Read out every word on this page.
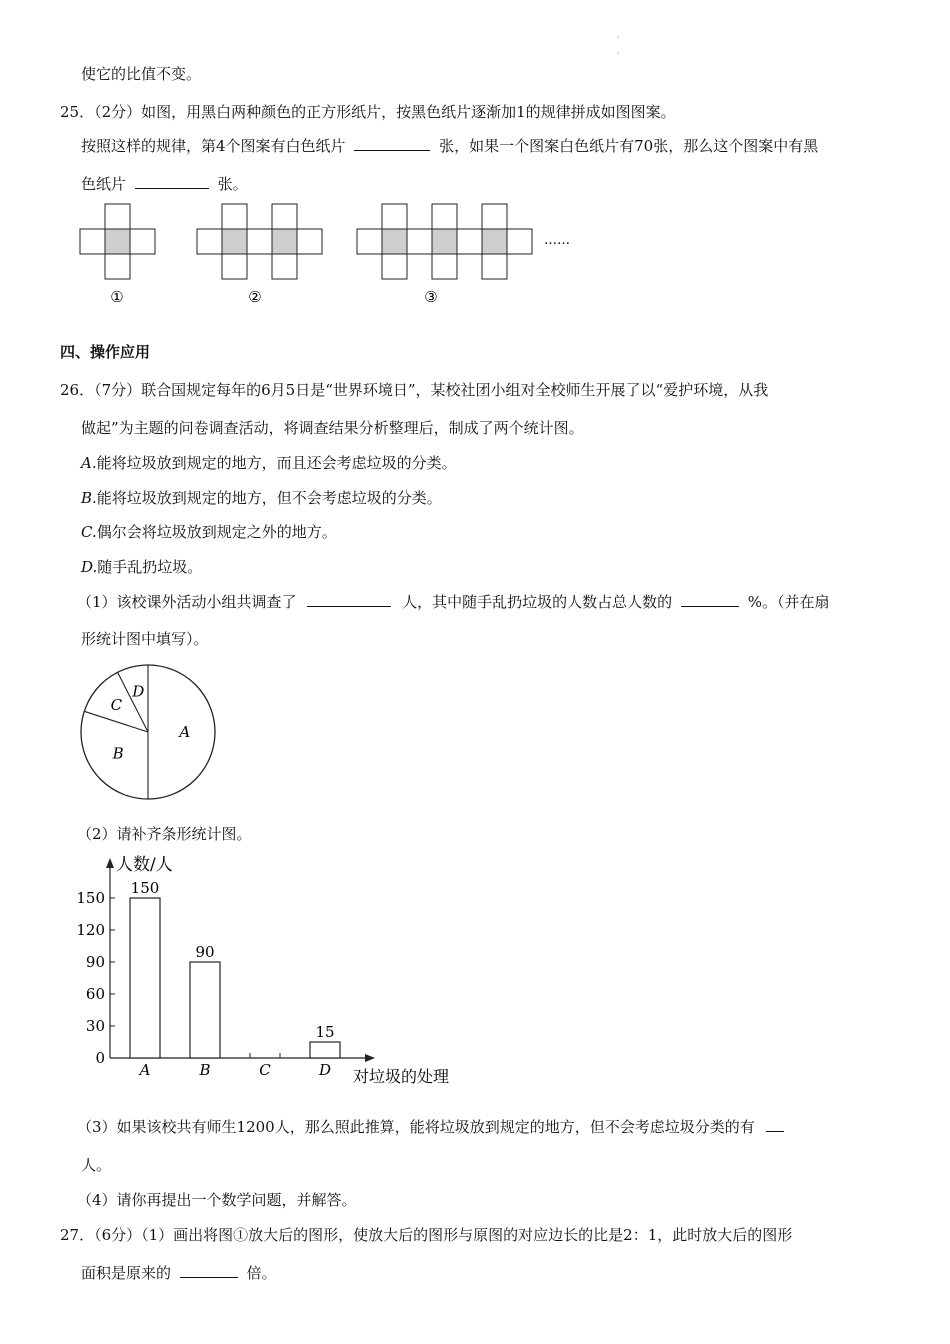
'
'
使它的比值不变。
25．（2分）如图，用黑白两种颜色的正方形纸片，按黑色纸片逐渐加1的规律拼成如图图案。
按照这样的规律，第4个图案有白色纸片	张，如果一个图案白色纸片有70张，那么这个图案中有黑
色纸片	张。
①	②	③
……
四、操作应用
26．（7分）联合国规定每年的6月5日是“世界环境日”，某校社团小组对全校师生开展了以“爱护环境，从我
做起”为主题的问卷调查活动，将调查结果分析整理后，制成了两个统计图。
A.能将垃圾放到规定的地方，而且还会考虑垃圾的分类。
B.能将垃圾放到规定的地方，但不会考虑垃圾的分类。
C.偶尔会将垃圾放到规定之外的地方。
D.随手乱扔垃圾。
（1）该校课外活动小组共调查了	人，其中随手乱扔垃圾的人数占总人数的	%。（并在扇
形统计图中填写）。
A
B
C
D
（2）请补齐条形统计图。
人数/人
0
30
60
90
120
150
150
A
90
B	C
15
D 对垃圾的处理
（3）如果该校共有师生1200人，那么照此推算，能将垃圾放到规定的地方，但不会考虑垃圾分类的有
人。
（4）请你再提出一个数学问题，并解答。
27．（6分）（1）画出将图①放大后的图形，使放大后的图形与原图的对应边长的比是2：1，此时放大后的图形
面积是原来的	倍。
